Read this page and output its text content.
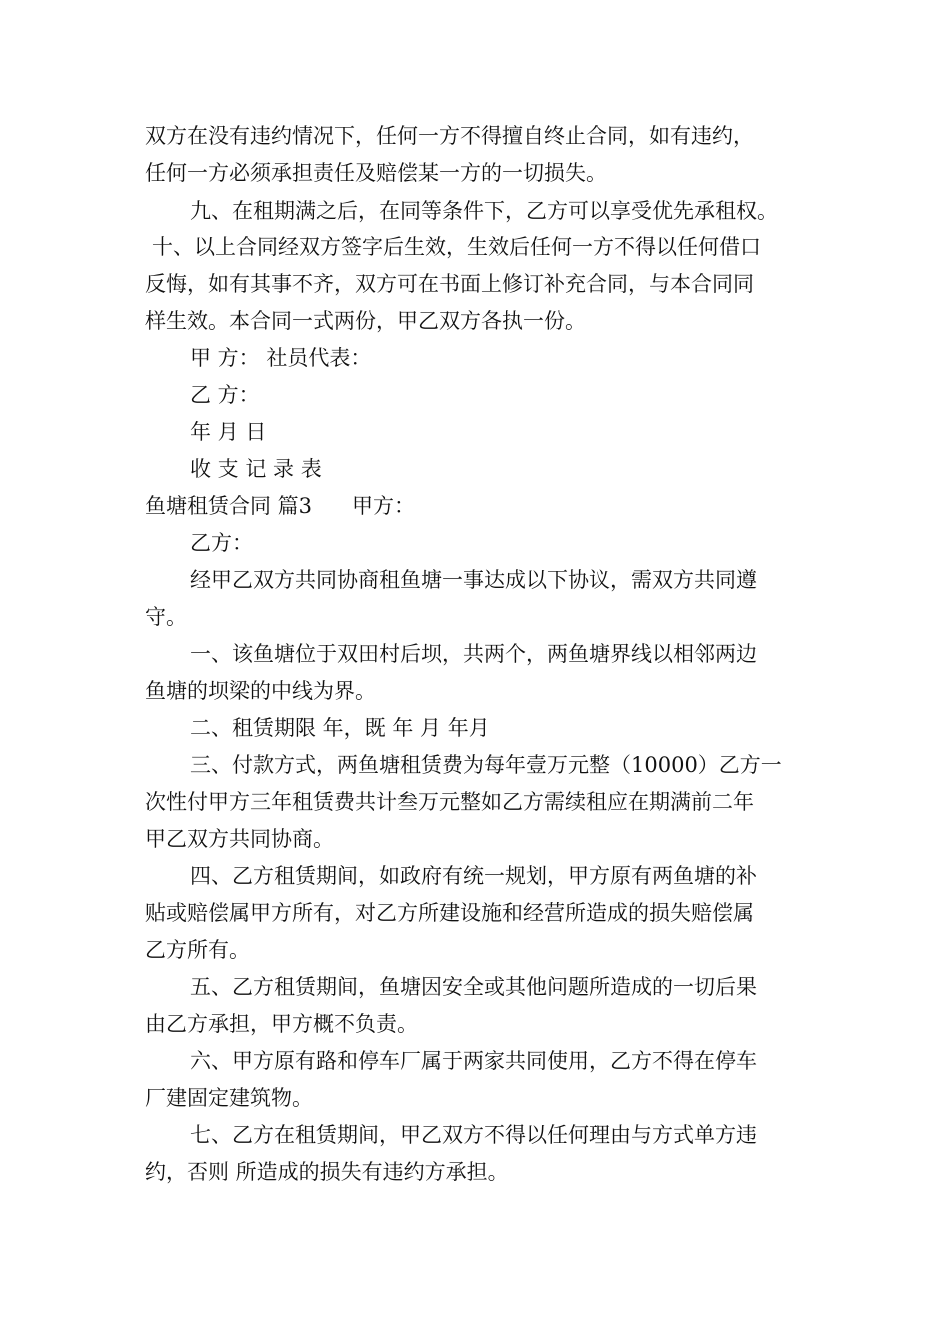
双方在没有违约情况下，任何一方不得擅自终止合同，如有违约，
任何一方必须承担责任及赔偿某一方的一切损失。
九、在租期满之后，在同等条件下，乙方可以享受优先承租权。
十、以上合同经双方签字后生效，生效后任何一方不得以任何借口
反悔，如有其事不齐，双方可在书面上修订补充合同，与本合同同
样生效。本合同一式两份，甲乙双方各执一份。
甲 方： 社员代表：
乙 方：
年 月 日
收 支 记 录 表
鱼塘租赁合同 篇3 甲方：
乙方：
经甲乙双方共同协商租鱼塘一事达成以下协议，需双方共同遵
守。
一、该鱼塘位于双田村后坝，共两个，两鱼塘界线以相邻两边
鱼塘的坝梁的中线为界。
二、租赁期限 年，既 年 月 年月
三、付款方式，两鱼塘租赁费为每年壹万元整（10000）乙方一
次性付甲方三年租赁费共计叁万元整如乙方需续租应在期满前二年
甲乙双方共同协商。
四、乙方租赁期间，如政府有统一规划，甲方原有两鱼塘的补
贴或赔偿属甲方所有，对乙方所建设施和经营所造成的损失赔偿属
乙方所有。
五、乙方租赁期间，鱼塘因安全或其他问题所造成的一切后果
由乙方承担，甲方概不负责。
六、甲方原有路和停车厂属于两家共同使用，乙方不得在停车
厂建固定建筑物。
七、乙方在租赁期间，甲乙双方不得以任何理由与方式单方违
约，否则 所造成的损失有违约方承担。
